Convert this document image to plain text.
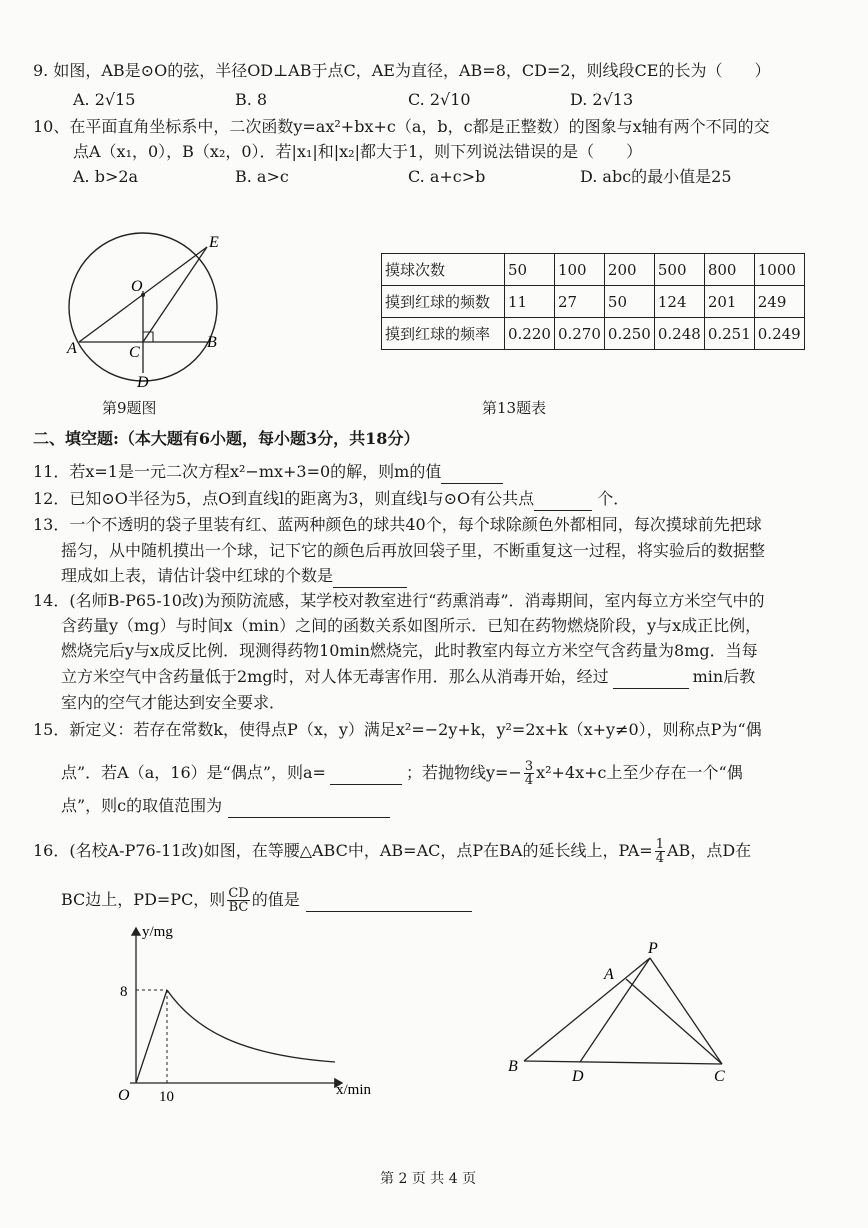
9. 如图，AB是⊙O的弦，半径OD⊥AB于点C，AE为直径，AB=8，CD=2，则线段CE的长为（　　）
A. 2√15	B. 8	C. 2√10	D. 2√13
10、在平面直角坐标系中，二次函数y=ax²+bx+c（a，b，c都是正整数）的图象与x轴有两个不同的交
点A（x₁，0），B（x₂，0）．若|x₁|和|x₂|都大于1，则下列说法错误的是（　　）
A. b>2a	B. a>c	C. a+c>b	D. abc的最小值是25
E
O
A	C
B
D
第9题图
摸球次数	50	100	200	500	800	1000
摸到红球的频数	11	27	50	124	201	249
摸到红球的频率	0.220	0.270	0.250	0.248	0.251	0.249
第13题表
二、填空题:（本大题有6小题，每小题3分，共18分）
11．若x=1是一元二次方程x²−mx+3=0的解，则m的值
12．已知⊙O半径为5，点O到直线l的距离为3，则直线l与⊙O有公共点	个．
13．一个不透明的袋子里装有红、蓝两种颜色的球共40个，每个球除颜色外都相同，每次摸球前先把球
摇匀，从中随机摸出一个球，记下它的颜色后再放回袋子里，不断重复这一过程，将实验后的数据整
理成如上表，请估计袋中红球的个数是
14．(名师B-P65-10改)为预防流感，某学校对教室进行“药熏消毒”．消毒期间，室内每立方米空气中的
含药量y（mg）与时间x（min）之间的函数关系如图所示．已知在药物燃烧阶段，y与x成正比例，
燃烧完后y与x成反比例．现测得药物10min燃烧完，此时教室内每立方米空气含药量为8mg．当每
立方米空气中含药量低于2mg时，对人体无毒害作用．那么从消毒开始，经过	min后教
室内的空气才能达到安全要求．
15．新定义：若存在常数k，使得点P（x，y）满足x²=−2y+k，y²=2x+k（x+y≠0），则称点P为“偶
点”．若A（a，16）是“偶点”，则a=	；若抛物线$y=- \frac{3}{4} x^2+4x+c$上至少存在一个“偶
点”，则c的取值范围为
16．(名校A-P76-11改)如图，在等腰△ABC中，AB=AC，点P在BA的延长线上，$PA= \frac{1}{4}$ AB，点D在
BC边上，PD=PC，则 $\frac{CD}{BC}$ 的值是
y/mg
x/min
O
8
10
P
A
B
D	C
第 2 页 共 4 页
